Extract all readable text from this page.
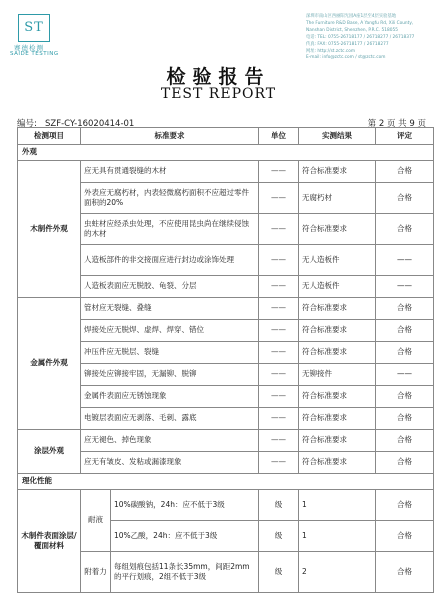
ST
赛德检测
SAIDE TESTING
深圳市南山区西丽阳光园A座1层至4层实验基地
The Furniture R&D Base, A Yangfu Rd, Xili County,
Nanshan District, Shenzhen, P.R.C. 518055
电话: TEL: 0755-26718177 / 26718277 / 26718377
传真: FAX: 0755-26718177 / 26718277
网址: http://st.zctc.com
E-mail: info@zctc.com / st@zctc.com
检验报告
TEST REPORT
编号: SZF-CY-16020414-01	第 2 页 共 9 页
检测项目	标准要求		单位	实测结果	评定
外观					
木制件外观	应无具有贯通裂缝的木材		——	符合标准要求	合格
	外表应无腐朽材，内表轻微腐朽面积不应超过零件面积的20%		——	无腐朽材	合格
	虫蛀材应经杀虫处理，不应使用昆虫尚在继续侵蚀的木材		——	符合标准要求	合格
	人造板部件的非交接面应进行封边或涂饰处理		——	无人造板件	——
	人造板表面应无脱胶、龟裂、分层		——	无人造板件	——
金属件外观	管材应无裂缝、叠缝		——	符合标准要求	合格
	焊接处应无脱焊、虚焊、焊穿、错位		——	符合标准要求	合格
	冲压件应无脱层、裂缝		——	符合标准要求	合格
	铆接处应铆接牢固，无漏铆、脱铆		——	无铆接件	——
	金属件表面应无锈蚀现象		——	符合标准要求	合格
	电镀层表面应无剥落、毛刺、露底		——	符合标准要求	合格
涂层外观	应无褪色、掉色现象		——	符合标准要求	合格
	应无有皱皮、发粘或漏漆现象		——	符合标准要求	合格
理化性能					
木制件表面涂层/覆面材料	耐液	10%碳酸钠，24h：应不低于3级	级	1	合格
		10%乙酸，24h：应不低于3级	级	1	合格
	附着力	每组划痕包括11条长35mm，间距2mm的平行划痕，2组不低于3级	级	2	合格
